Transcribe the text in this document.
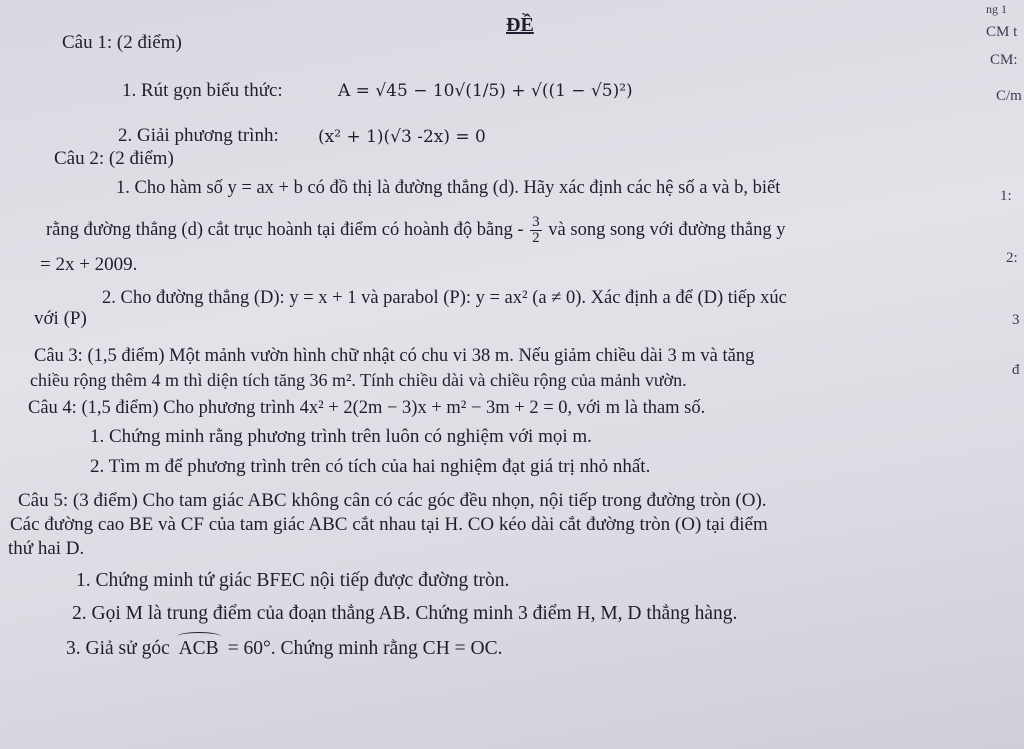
ĐỀ
Câu 1: (2 điểm)
1. Rút gọn biểu thức:	A = √45 − 10√(1/5) + √((1 − √5)²)
2. Giải phương trình: (x² + 1)(√3 -2x) = 0
Câu 2: (2 điểm)
1. Cho hàm số y = ax + b có đồ thị là đường thẳng (d). Hãy xác định các hệ số a và b, biết
rằng đường thẳng (d) cắt trục hoành tại điểm có hoành độ bằng - $\frac{3}{2}$ và song song với đường thẳng y
= 2x + 2009.
2. Cho đường thẳng (D): y = x + 1 và parabol (P): y = ax² (a ≠ 0). Xác định a để (D) tiếp xúc
với (P)
Câu 3: (1,5 điểm) Một mảnh vườn hình chữ nhật có chu vi 38 m. Nếu giảm chiều dài 3 m và tăng
chiều rộng thêm 4 m thì diện tích tăng 36 m². Tính chiều dài và chiều rộng của mảnh vườn.
Câu 4: (1,5 điểm) Cho phương trình 4x² + 2(2m − 3)x + m² − 3m + 2 = 0, với m là tham số.
1. Chứng minh rằng phương trình trên luôn có nghiệm với mọi m.
2. Tìm m để phương trình trên có tích của hai nghiệm đạt giá trị nhỏ nhất.
Câu 5: (3 điểm) Cho tam giác ABC không cân có các góc đều nhọn, nội tiếp trong đường tròn (O).
Các đường cao BE và CF của tam giác ABC cắt nhau tại H. CO kéo dài cắt đường tròn (O) tại điểm
thứ hai D.
1. Chứng minh tứ giác BFEC nội tiếp được đường tròn.
2. Gọi M là trung điểm của đoạn thẳng AB. Chứng minh 3 điểm H, M, D thẳng hàng.
3. Giả sử góc ACB = 60°. Chứng minh rằng CH = OC.
ng 1
CM t
CM:
C/m
1:
2:
3
đ
